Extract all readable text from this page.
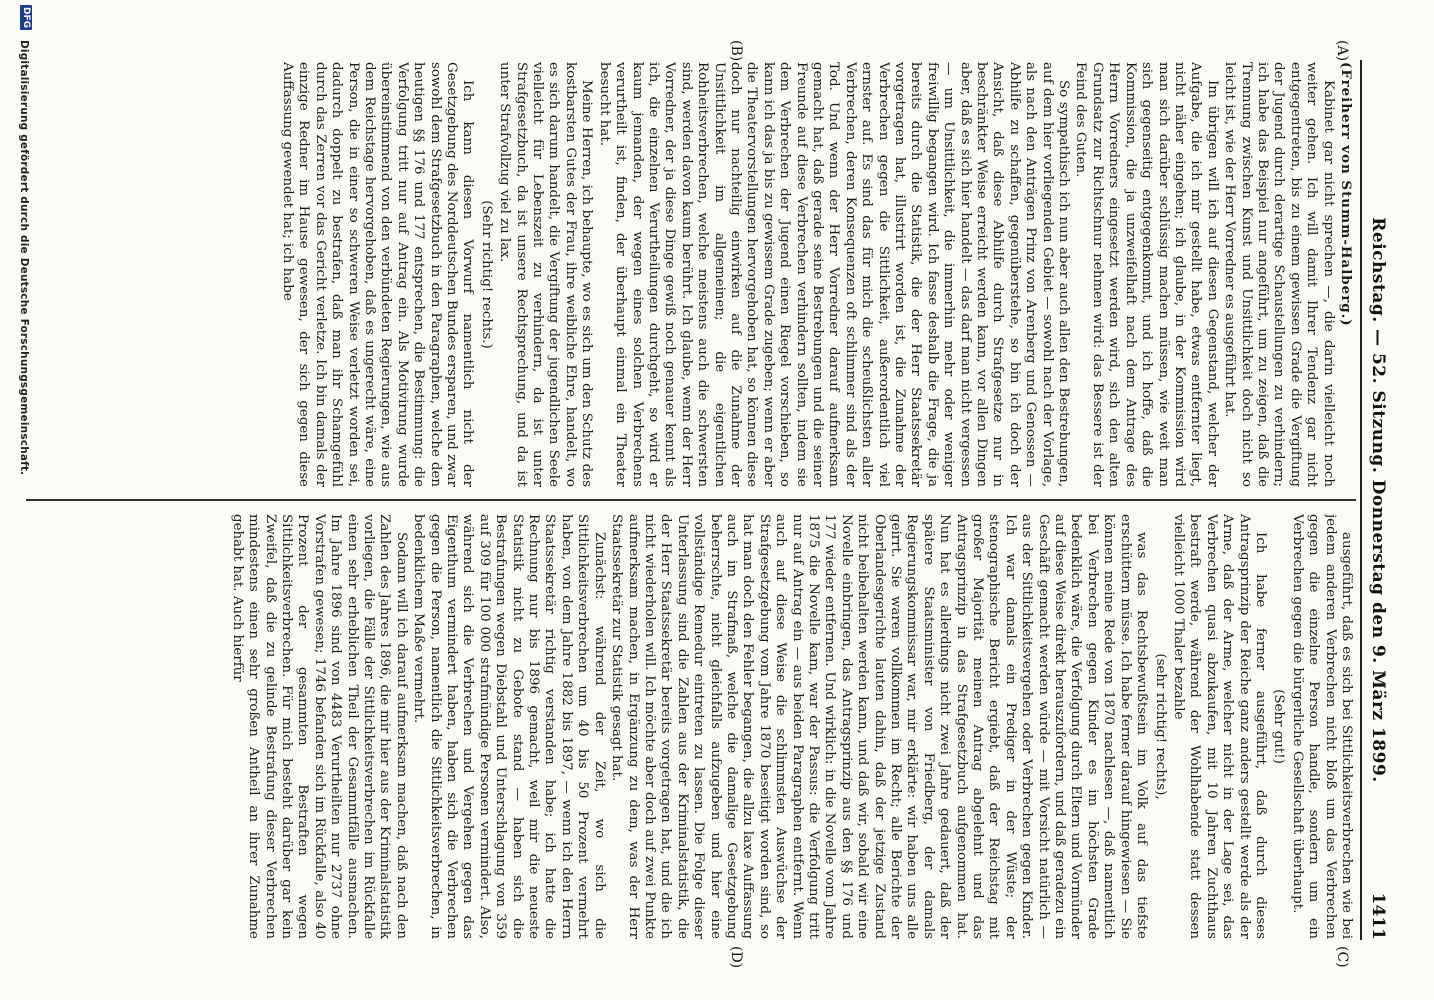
Reichstag. — 52. Sitzung. Donnerstag den 9. März 1899.
1411
(A)
(B)
(C)
(D)

(Freiherr von Stumm-Halberg.)

Kabinet gar nicht sprechen —, die darin vielleicht noch weiter gehen. Ich will damit Ihrer Tendenz gar nicht entgegentreten, bis zu einem gewissen Grade die Vergiftung der Jugend durch derartige Schaustellungen zu verhindern; ich habe das Beispiel nur angeführt, um zu zeigen, daß die Trennung zwischen Kunst und Unsittlichkeit doch nicht so leicht ist, wie der Herr Vorredner es ausgeführt hat.

Im übrigen will ich auf diesen Gegenstand, welcher der Aufgabe, die ich mir gestellt habe, etwas entfernter liegt, nicht näher eingehen; ich glaube, in der Kommission wird man sich darüber schlüssig machen müssen, wie weit man sich gegenseitig entgegenkommt, und ich hoffe, daß die Kommission, die ja unzweifelhaft nach dem Antrage des Herrn Vorredners eingesetzt werden wird, sich den alten Grundsatz zur Richtschnur nehmen wird: das Bessere ist der Feind des Guten.

So sympathisch ich nun aber auch allen den Bestrebungen, auf dem hier vorliegenden Gebiet — sowohl nach der Vorlage, als nach den Anträgen Prinz von Arenberg und Genossen — Abhilfe zu schaffen, gegenüberstehe, so bin ich doch der Ansicht, daß diese Abhilfe durch Strafgesetze nur in beschränkter Weise erreicht werden kann, vor allen Dingen aber, daß es sich hier handelt — das darf man nicht vergessen — um Unsittlichkeit, die immerhin mehr oder weniger freiwillig begangen wird. Ich fasse deshalb die Frage, die ja bereits durch die Statistik, die der Herr Staatssekretär vorgetragen hat, illustrirt worden ist, die Zunahme der Verbrechen gegen die Sittlichkeit, außerordentlich viel ernster auf. Es sind das für mich die scheußlichsten aller Verbrechen, deren Konsequenzen oft schlimmer sind als der Tod. Und wenn der Herr Vorredner darauf aufmerksam gemacht hat, daß gerade seine Bestrebungen und die seiner Freunde auf diese Verbrechen verhindern sollten, indem sie dem Verbrechen der Jugend einen Riegel vorschieben, so kann ich das ja bis zu gewissem Grade zugeben; wenn er aber die Theatervorstellungen hervorgehoben hat, so können diese doch nur nachteilig einwirken auf die Zunahme der Unsittlichkeit im allgemeinen; die eigentlichen Rohheitsverbrechen, welche meistens auch die schwersten sind, werden davon kaum berührt. Ich glaube, wenn der Herr Vorredner, der ja diese Dinge gewiß noch genauer kennt als ich, die einzelnen Verurtheilungen durchgeht, so wird er kaum jemanden, der wegen eines solchen Verbrechens verurtheilt ist, finden, der überhaupt einmal ein Theater besucht hat.

Meine Herren, ich behaupte, wo es sich um den Schutz des kostbarsten Gutes der Frau, ihre weibliche Ehre, handelt, wo es sich darum handelt, die Vergiftung der jugendlichen Seele vielleicht für Lebenszeit zu verhindern, da ist unter Strafgesetzbuch, da ist unsere Rechtsprechung, und da ist unter Strafvollzug viel zu lax.

(Sehr richtig! rechts.)

Ich kann diesen Vorwurf namentlich nicht der Gesetzgebung des Norddeutschen Bundes ersparen, und zwar sowohl dem Strafgesetzbuch in den Paragraphen, welche den heutigen §§ 176 und 177 entsprechen, die Bestimmung: die Verfolgung tritt nur auf Antrag ein. Als Motivirung wurde übereinstimmend von den verbündeten Regierungen, wie aus dem Reichstage hervorgehoben, daß es ungerecht wäre, eine Person, die in einer so schweren Weise verletzt worden sei, dadurch doppelt zu bestrafen, daß man ihr Schamgefühl durch das Zerren vor das Gericht verletze. Ich bin damals der einzige Redner im Hause gewesen, der sich gegen diese Auffassung gewendet hat; ich habe

ausgeführt, daß es sich bei Sittlichkeitsverbrechen wie bei jedem anderen Verbrechen nicht bloß um das Verbrechen gegen die einzelne Person handle, sondern um ein Verbrechen gegen die bürgerliche Gesellschaft überhaupt.

(Sehr gut!)

Ich habe ferner ausgeführt, daß durch dieses Antragsprinzip der Reiche ganz anders gestellt werde als der Arme, daß der Arme, welcher nicht in der Lage sei, das Verbrechen quasi abzukaufen, mit 10 Jahren Zuchthaus bestraft werde, während der Wohlhabende statt dessen vielleicht 1000 Thaler bezahle

(sehr richtig! rechts),

was das Rechtsbewußtsein im Volk auf das tiefste erschüttern müsse. Ich habe ferner darauf hingewiesen — Sie können meine Rede von 1870 nachlesen —, daß namentlich bei Verbrechen gegen Kinder es im höchsten Grade bedenklich wäre, die Verfolgung durch Eltern und Vormünder auf diese Weise direkt herauszufordern, und daß geradezu ein Geschäft gemacht werden würde — mit Vorsicht natürlich — aus der Sittlichkeitsvergehen oder Verbrechen gegen Kinder. Ich war damals ein Prediger in der Wüste; der stenographische Bericht ergiebt, daß der Reichstag mit großer Majorität meinen Antrag abgelehnt und das Antragsprinzip in das Strafgesetzbuch aufgenommen hat. Nun hat es allerdings nicht zwei Jahre gedauert, daß der spätere Staatsminister von Friedberg, der damals Regierungskommissar war, mir erklärte: wir haben uns alle geirrt. Sie waren vollkommen im Recht; alle Berichte der Oberlandesgerichte lauten dahin, daß der jetzige Zustand nicht beibehalten werden kann, und daß wir, sobald wir eine Novelle einbringen, das Antragsprinzip aus den §§ 176 und 177 wieder entfernen. Und wirklich: in die Novelle vom Jahre 1875 die Novelle kam, war der Passus: die Verfolgung tritt nur auf Antrag ein — aus beiden Paragraphen entfernt. Wenn auch auf diese Weise die schlimmsten Auswüchse der Strafgesetzgebung vom Jahre 1870 beseitigt worden sind, so hat man doch den Fehler begangen, die allzu laxe Auffassung auch im Strafmaß, welche die damalige Gesetzgebung beherrschte, nicht gleichfalls aufzugeben und hier eine vollständige Remedur eintreten zu lassen. Die Folge dieser Unterlassung sind die Zahlen aus der Kriminalstatistik, die der Herr Staatssekretär bereits vorgetragen hat, und die ich nicht wiederholen will. Ich möchte aber doch auf zwei Punkte aufmerksam machen, in Ergänzung zu dem, was der Herr Staatssekretär zur Statistik gesagt hat.

Zunächst: während der Zeit, wo sich die Sittlichkeitsverbrechen um 40 bis 50 Prozent vermehrt haben, von dem Jahre 1882 bis 1897, — wenn ich den Herrn Staatssekretär richtig verstanden habe; ich hatte die Rechnung nur bis 1896 gemacht, weil mir die neueste Statistik nicht zu Gebote stand — haben sich die Bestrafungen wegen Diebstahl und Unterschlagung von 359 auf 309 für 100 000 strafmündige Personen vermindert. Also, während sich die Verbrechen und Vergehen gegen das Eigenthum vermindert haben, haben sich die Verbrechen gegen die Person, namentlich die Sittlichkeitsverbrechen, in bedenklichem Maße vermehrt.

Sodann will ich darauf aufmerksam machen, daß nach den Zahlen des Jahres 1896, die mir hier aus der Kriminalstatistik vorliegen, die Fälle der Sittlichkeitsverbrechen im Rückfalle einen sehr erheblichen Theil der Gesammtfälle ausmachen. Im Jahre 1896 sind von 4483 Verurtheilten nur 2737 ohne Vorstrafen gewesen; 1746 befanden sich im Rückfalle, also 40 Prozent der gesammten Bestraften wegen Sittlichkeitsverbrechen. Für mich besteht darüber gar kein Zweifel, daß die zu gelinde Bestrafung dieser Verbrechen mindestens einen sehr großen Antheil an ihrer Zunahme gehabt hat. Auch hierfür

DFG
Digitalisierung gefördert durch die Deutsche Forschungsgemeinschaft.
